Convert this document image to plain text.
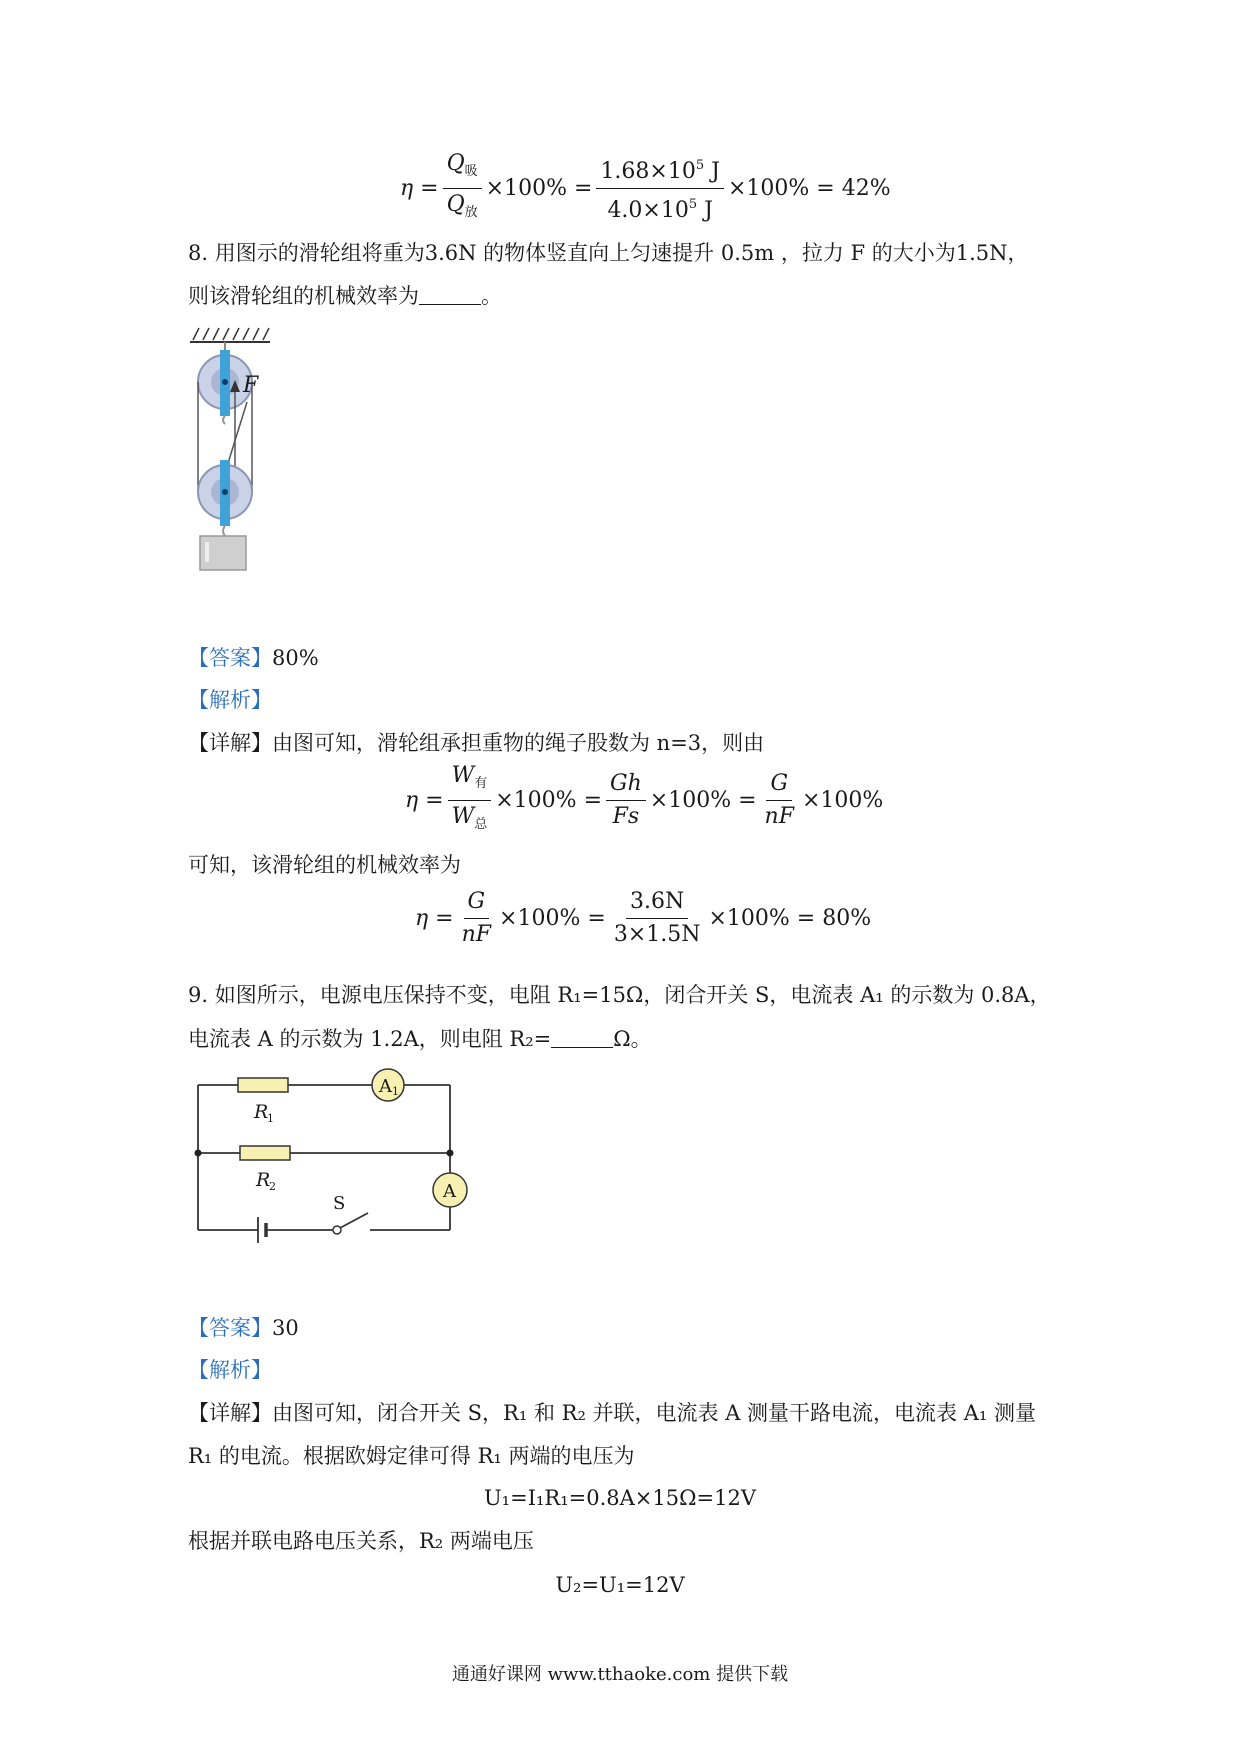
$\eta = \frac{Q_吸}{Q_放} \times 100\% = \frac{1.68\times 10^5 J}{4.0\times 10^5 J} \times 100\% = 42\%$
8. 用图示的滑轮组将重为3.6N 的物体竖直向上匀速提升 0.5m ，拉力 F 的大小为1.5N，
则该滑轮组的机械效率为	。
F
【答案】80%
【解析】
【详解】由图可知，滑轮组承担重物的绳子股数为 n=3，则由
$\eta = \frac{W_有}{W_总} \times 100\% = \frac{Gh}{Fs} \times 100\% = \frac{G}{nF} \times 100\%$
可知，该滑轮组的机械效率为
$\eta = \frac{G}{nF} \times 100\% = \frac{3.6N}{3\times 1.5N} \times 100\% = 80\%$
9. 如图所示，电源电压保持不变，电阻 R₁=15Ω，闭合开关 S，电流表 A₁ 的示数为 0.8A，
电流表 A 的示数为 1.2A，则电阻 R₂=	Ω。
A 1
A
R
1
R
2
S
【答案】30
【解析】
【详解】由图可知，闭合开关 S，R₁ 和 R₂ 并联，电流表 A 测量干路电流，电流表 A₁ 测量
R₁ 的电流。根据欧姆定律可得 R₁ 两端的电压为
U₁=I₁R₁=0.8A×15Ω=12V
根据并联电路电压关系，R₂ 两端电压
U₂=U₁=12V
通通好课网 www.tthaoke.com 提供下载
